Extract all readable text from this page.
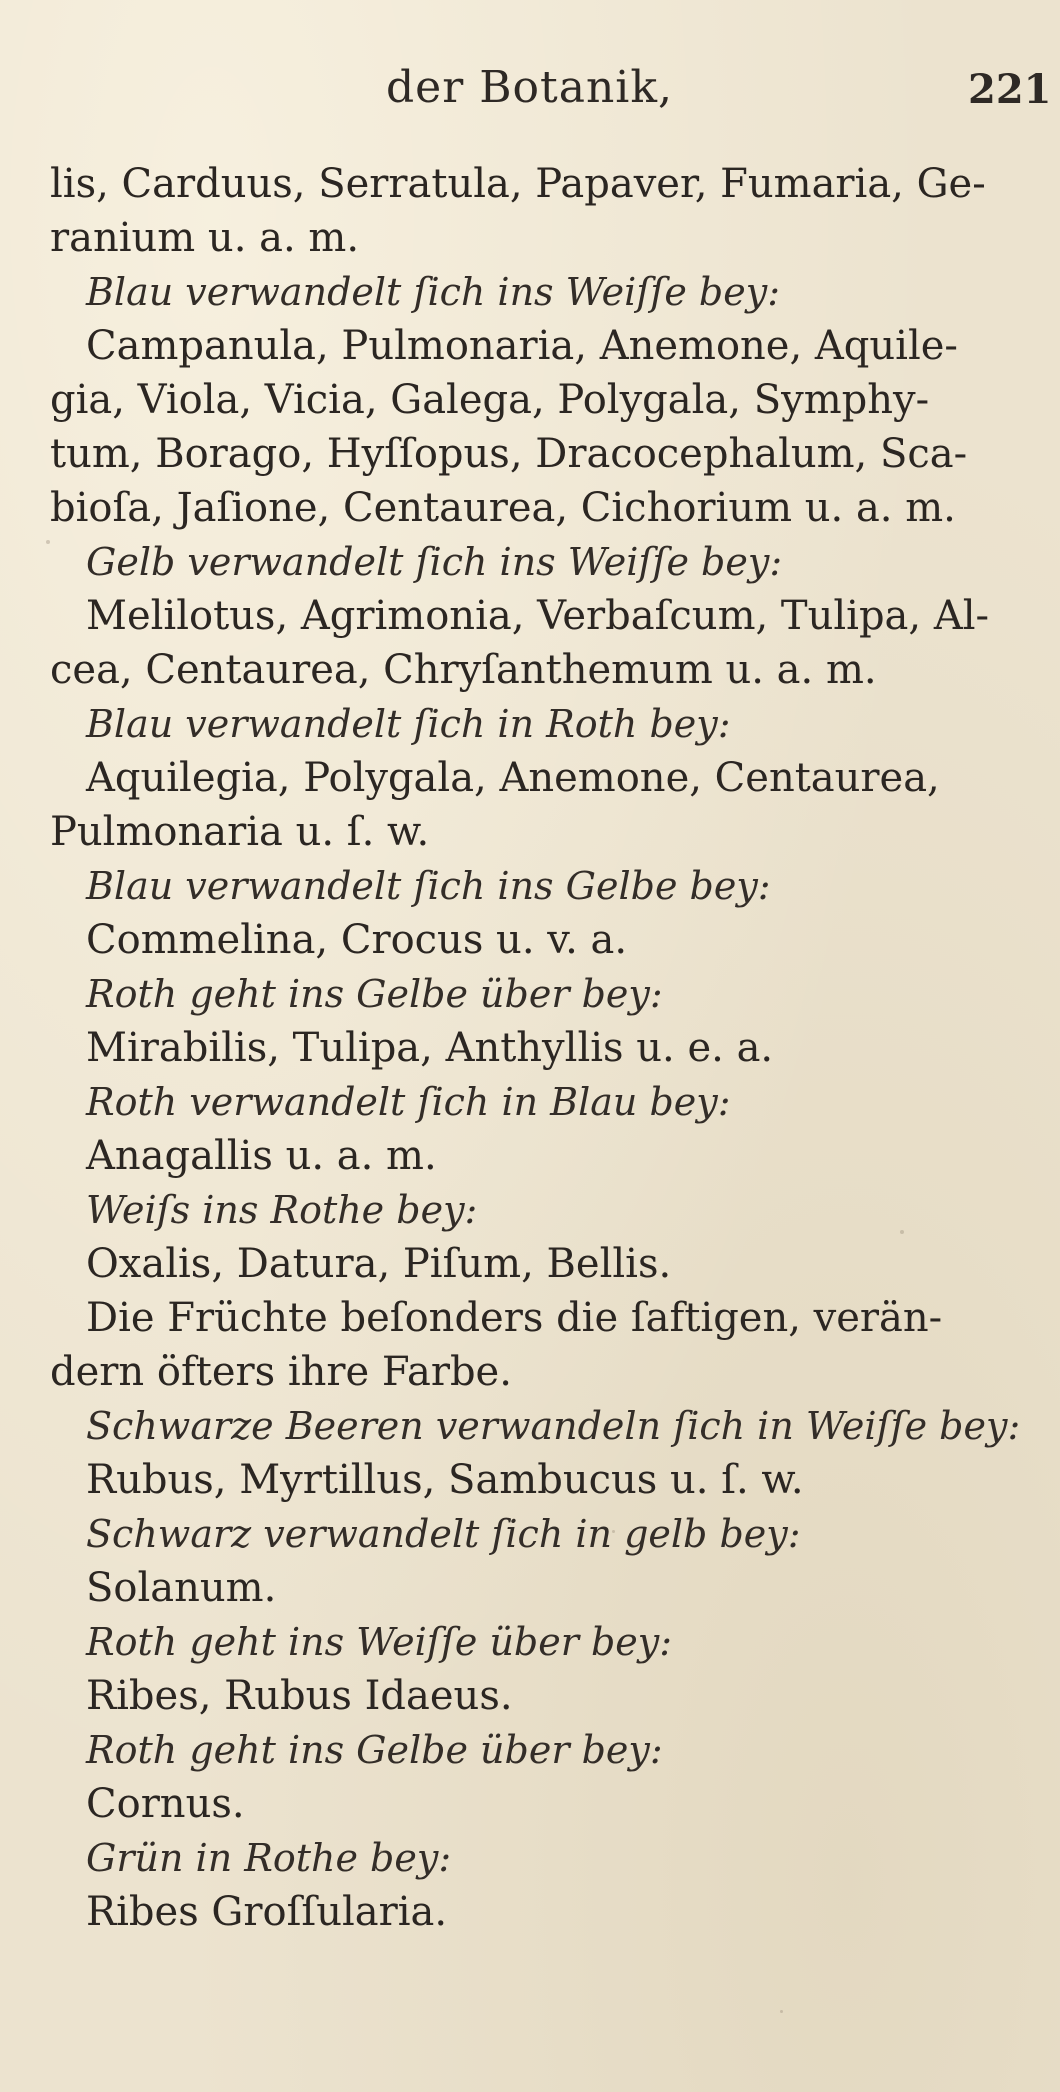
der Botanik,	221
lis, Carduus, Serratula, Papaver, Fumaria, Ge-
ranium u. a. m.
Blau verwandelt ſich ins Weiſſe bey:
Campanula, Pulmonaria, Anemone, Aquile-
gia, Viola, Vicia, Galega, Polygala, Symphy-
tum, Borago, Hyſſopus, Dracocephalum, Sca-
bioſa, Jaſione, Centaurea, Cichorium u. a. m.
Gelb verwandelt ſich ins Weiſſe bey:
Melilotus, Agrimonia, Verbaſcum, Tulipa, Al-
cea, Centaurea, Chryſanthemum u. a. m.
Blau verwandelt ſich in Roth bey:
Aquilegia, Polygala, Anemone, Centaurea,
Pulmonaria u. ſ. w.
Blau verwandelt ſich ins Gelbe bey:
Commelina, Crocus u. v. a.
Roth geht ins Gelbe über bey:
Mirabilis, Tulipa, Anthyllis u. e. a.
Roth verwandelt ſich in Blau bey:
Anagallis u. a. m.
Weiſs ins Rothe bey:
Oxalis, Datura, Piſum, Bellis.
Die Früchte beſonders die ſaftigen, verän-
dern öfters ihre Farbe.
Schwarze Beeren verwandeln ſich in Weiſſe bey:
Rubus, Myrtillus, Sambucus u. ſ. w.
Schwarz verwandelt ſich in gelb bey:
Solanum.
Roth geht ins Weiſſe über bey:
Ribes, Rubus Idaeus.
Roth geht ins Gelbe über bey:
Cornus.
Grün in Rothe bey:
Ribes Groſſularia.
